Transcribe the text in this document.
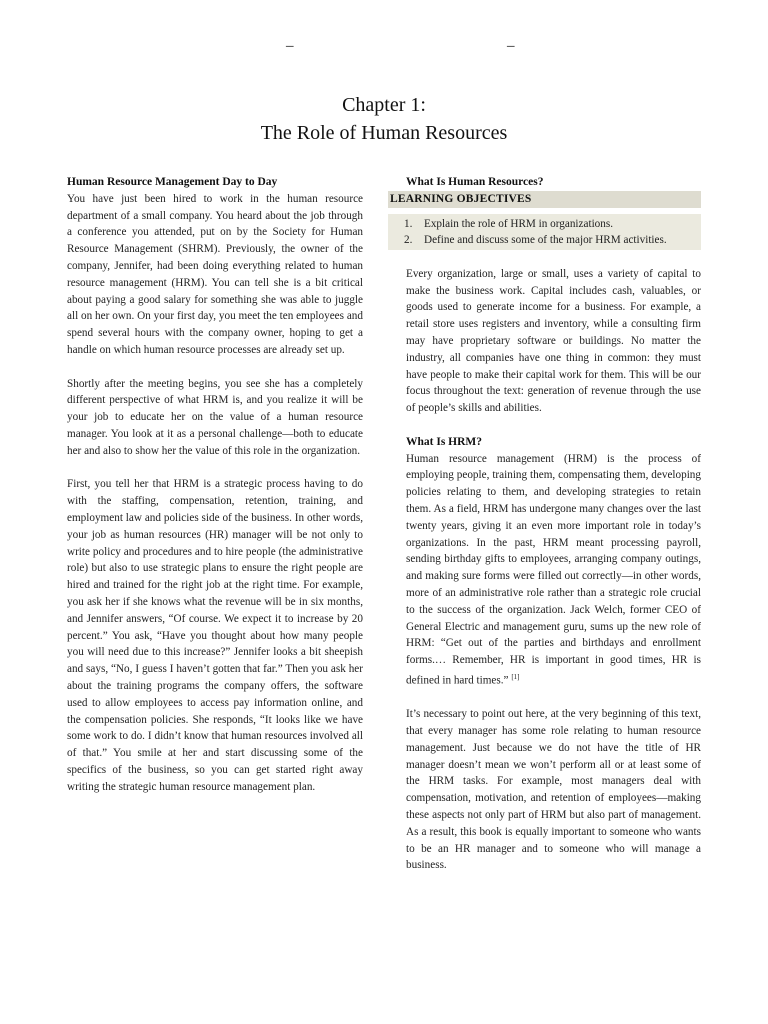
–	–
Chapter 1:
The Role of Human Resources
Human Resource Management Day to Day

You have just been hired to work in the human resource department of a small company. You heard about the job through a conference you attended, put on by the Society for Human Resource Management (SHRM). Previously, the owner of the company, Jennifer, had been doing everything related to human resource management (HRM). You can tell she is a bit critical about paying a good salary for something she was able to juggle all on her own. On your first day, you meet the ten employees and spend several hours with the company owner, hoping to get a handle on which human resource processes are already set up.

Shortly after the meeting begins, you see she has a completely different perspective of what HRM is, and you realize it will be your job to educate her on the value of a human resource manager. You look at it as a personal challenge—both to educate her and also to show her the value of this role in the organization.

First, you tell her that HRM is a strategic process having to do with the staffing, compensation, retention, training, and employment law and policies side of the business. In other words, your job as human resources (HR) manager will be not only to write policy and procedures and to hire people (the administrative role) but also to use strategic plans to ensure the right people are hired and trained for the right job at the right time. For example, you ask her if she knows what the revenue will be in six months, and Jennifer answers, “Of course. We expect it to increase by 20 percent.” You ask, “Have you thought about how many people you will need due to this increase?” Jennifer looks a bit sheepish and says, “No, I guess I haven’t gotten that far.” Then you ask her about the training programs the company offers, the software used to allow employees to access pay information online, and the compensation policies. She responds, “It looks like we have some work to do. I didn’t know that human resources involved all of that.” You smile at her and start discussing some of the specifics of the business, so you can get started right away writing the strategic human resource management plan.

What Is Human Resources?
LEARNING OBJECTIVES
1.	Explain the role of HRM in organizations.
2.	Define and discuss some of the major HRM activities.

Every organization, large or small, uses a variety of capital to make the business work. Capital includes cash, valuables, or goods used to generate income for a business. For example, a retail store uses registers and inventory, while a consulting firm may have proprietary software or buildings. No matter the industry, all companies have one thing in common: they must have people to make their capital work for them. This will be our focus throughout the text: generation of revenue through the use of people’s skills and abilities.

What Is HRM?

Human resource management (HRM) is the process of employing people, training them, compensating them, developing policies relating to them, and developing strategies to retain them. As a field, HRM has undergone many changes over the last twenty years, giving it an even more important role in today’s organizations. In the past, HRM meant processing payroll, sending birthday gifts to employees, arranging company outings, and making sure forms were filled out correctly—in other words, more of an administrative role rather than a strategic role crucial to the success of the organization. Jack Welch, former CEO of General Electric and management guru, sums up the new role of HRM: “Get out of the parties and birthdays and enrollment forms.… Remember, HR is important in good times, HR is defined in hard times.” [1]

It’s necessary to point out here, at the very beginning of this text, that every manager has some role relating to human resource management. Just because we do not have the title of HR manager doesn’t mean we won’t perform all or at least some of the HRM tasks. For example, most managers deal with compensation, motivation, and retention of employees—making these aspects not only part of HRM but also part of management. As a result, this book is equally important to someone who wants to be an HR manager and to someone who will manage a business.
